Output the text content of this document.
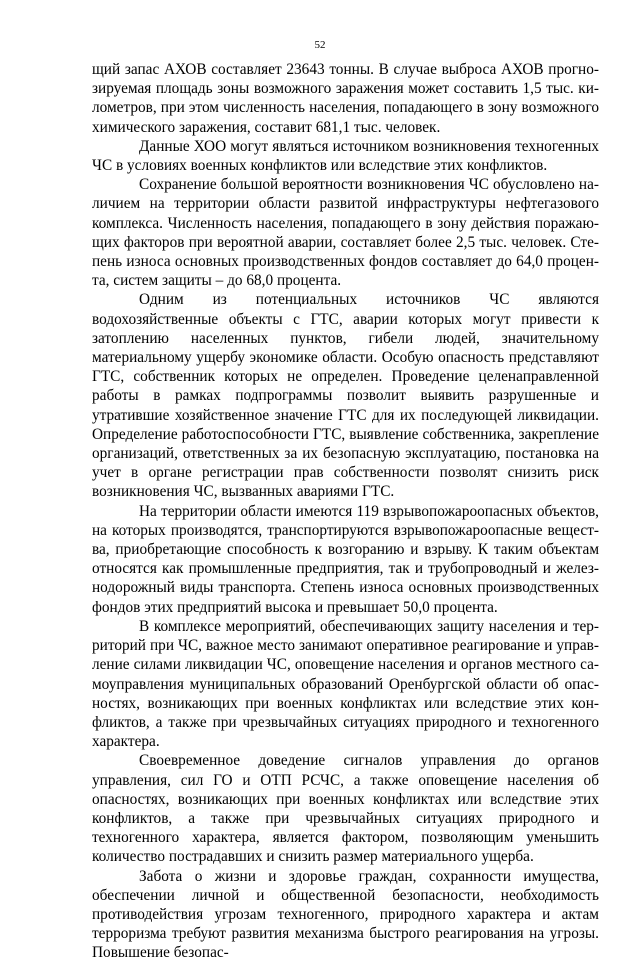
52

щий запас АХОВ составляет 23643 тонны. В случае выброса АХОВ прогнозируемая площадь зоны возможного заражения может составить 1,5 тыс. километров, при этом численность населения, попадающего в зону возможного химического заражения, составит 681,1 тыс. человек.

Данные ХОО могут являться источником возникновения техногенных ЧС в условиях военных конфликтов или вследствие этих конфликтов.

Сохранение большой вероятности возникновения ЧС обусловлено наличием на территории области развитой инфраструктуры нефтегазового комплекса. Численность населения, попадающего в зону действия поражающих факторов при вероятной аварии, составляет более 2,5 тыс. человек. Степень износа основных производственных фондов составляет до 64,0 процента, систем защиты – до 68,0 процента.

Одним из потенциальных источников ЧС являются водохозяйственные объекты с ГТС, аварии которых могут привести к затоплению населенных пунктов, гибели людей, значительному материальному ущербу экономике области. Особую опасность представляют ГТС, собственник которых не определен. Проведение целенаправленной работы в рамках подпрограммы позволит выявить разрушенные и утратившие хозяйственное значение ГТС для их последующей ликвидации. Определение работоспособности ГТС, выявление собственника, закрепление организаций, ответственных за их безопасную эксплуатацию, постановка на учет в органе регистрации прав собственности позволят снизить риск возникновения ЧС, вызванных авариями ГТС.

На территории области имеются 119 взрывопожароопасных объектов, на которых производятся, транспортируются взрывопожароопасные вещества, приобретающие способность к возгоранию и взрыву. К таким объектам относятся как промышленные предприятия, так и трубопроводный и железнодорожный виды транспорта. Степень износа основных производственных фондов этих предприятий высока и превышает 50,0 процента.

В комплексе мероприятий, обеспечивающих защиту населения и территорий при ЧС, важное место занимают оперативное реагирование и управление силами ликвидации ЧС, оповещение населения и органов местного самоуправления муниципальных образований Оренбургской области об опасностях, возникающих при военных конфликтах или вследствие этих конфликтов, а также при чрезвычайных ситуациях природного и техногенного характера.

Своевременное доведение сигналов управления до органов управления, сил ГО и ОТП РСЧС, а также оповещение населения об опасностях, возникающих при военных конфликтах или вследствие этих конфликтов, а также при чрезвычайных ситуациях природного и техногенного характера, является фактором, позволяющим уменьшить количество пострадавших и снизить размер материального ущерба.

Забота о жизни и здоровье граждан, сохранности имущества, обеспечении личной и общественной безопасности, необходимость противодействия угрозам техногенного, природного характера и актам терроризма требуют развития механизма быстрого реагирования на угрозы. Повышение безопас-
